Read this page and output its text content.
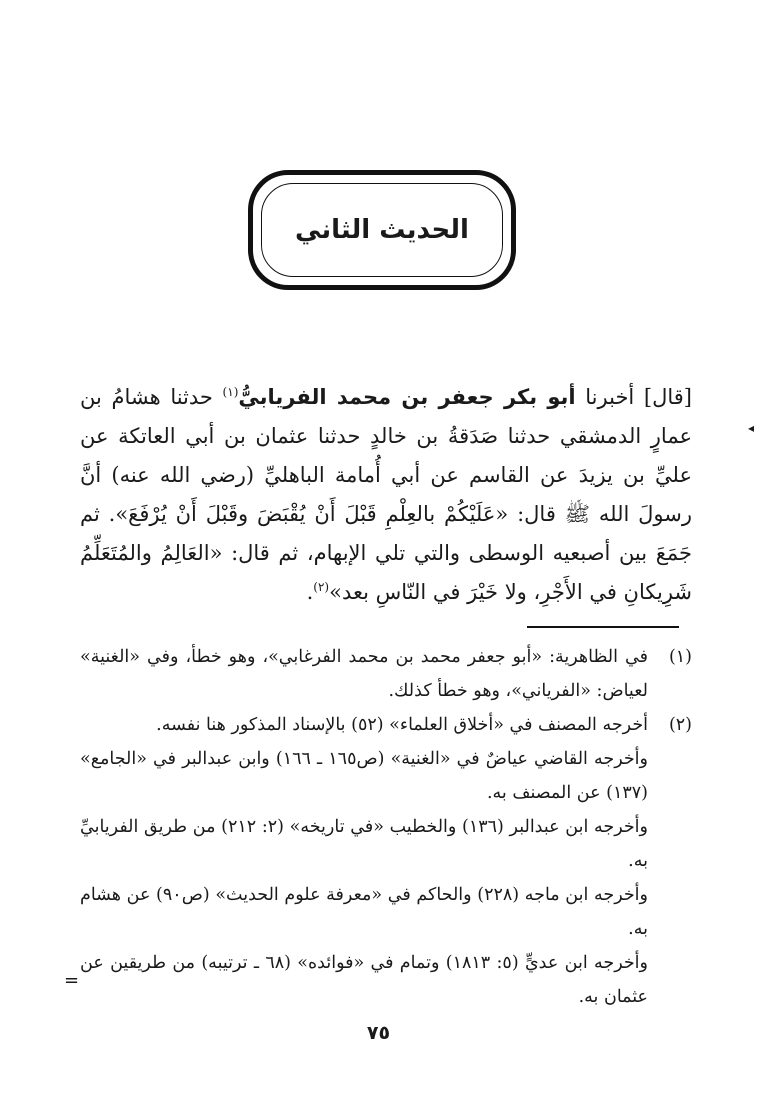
الحديث الثاني
[قال] أخبرنا أبو بكر جعفر بن محمد الفريابيُّ$^{(١)}$ حدثنا هشامُ بن عمارٍ الدمشقي حدثنا صَدَقةُ بن خالدٍ حدثنا عثمان بن أبي العاتكة عن عليِّ بن يزيدَ عن القاسم عن أبي أُمامة الباهليِّ (رضي الله عنه) أنَّ رسولَ الله ﷺ قال: «عَلَيْكُمْ بالعِلْمِ قَبْلَ أَنْ يُقْبَضَ وقَبْلَ أَنْ يُرْفَعَ». ثم جَمَعَ بين أصبعيه الوسطى والتي تلي الإبهام، ثم قال: «العَالِمُ والمُتَعَلِّمُ شَرِيكانِ في الأَجْرِ، ولا خَيْرَ في النّاسِ بعد»$^{(٢)}$.
◂
(١)
في الظاهرية: «أبو جعفر محمد بن محمد الفرغابي»، وهو خطأ، وفي «الغنية» لعياض: «الفرياني»، وهو خطأ كذلك.
(٢)
أخرجه المصنف في «أخلاق العلماء» (٥٢) بالإسناد المذكور هنا نفسه.
وأخرجه القاضي عياضٌ في «الغنية» (ص١٦٥ ـ ١٦٦) وابن عبدالبر في «الجامع» (١٣٧) عن المصنف به.
وأخرجه ابن عبدالبر (١٣٦) والخطيب «في تاريخه» (٢: ٢١٢) من طريق الفريابيِّ به.
وأخرجه ابن ماجه (٢٢٨) والحاكم في «معرفة علوم الحديث» (ص٩٠) عن هشام به.
وأخرجه ابن عديٍّ (٥: ١٨١٣) وتمام في «فوائده» (٦٨ ـ ترتيبه) من طريقين عن عثمان به.
=
٧٥
